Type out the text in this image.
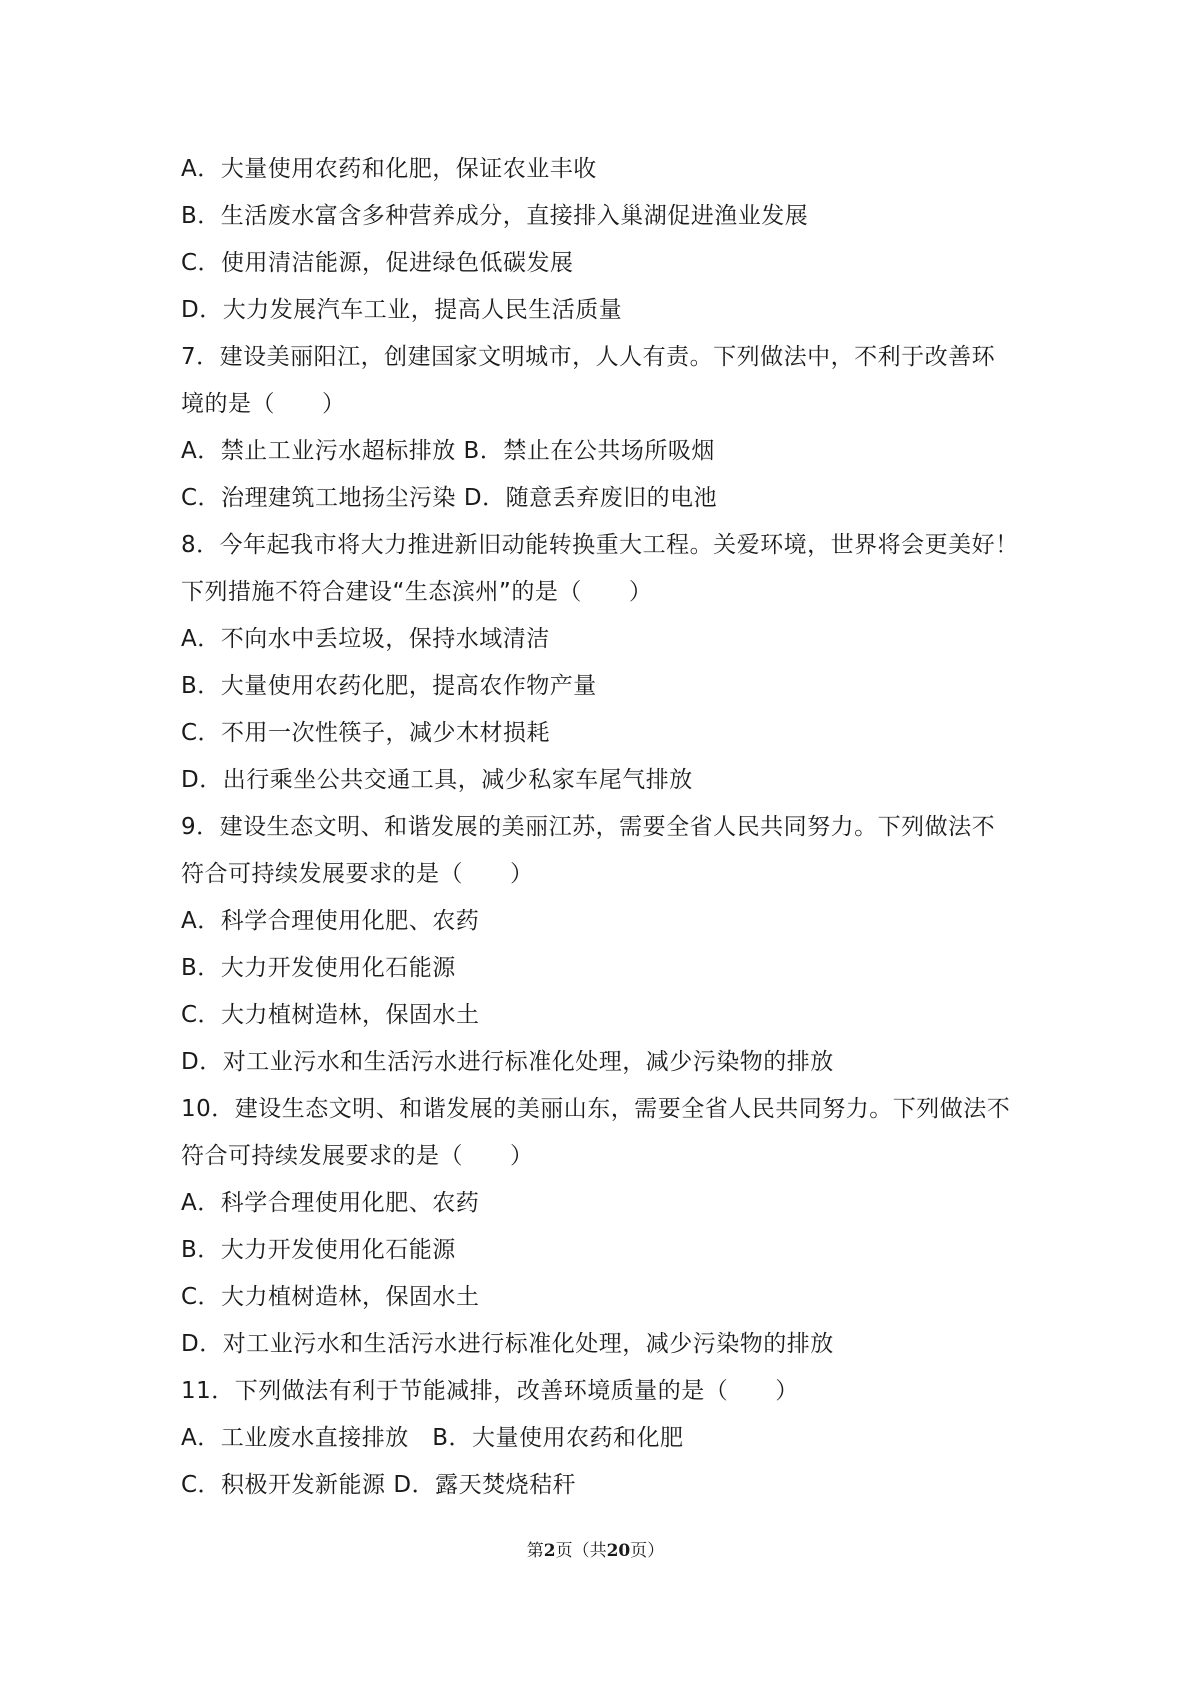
A．大量使用农药和化肥，保证农业丰收
B．生活废水富含多种营养成分，直接排入巢湖促进渔业发展
C．使用清洁能源，促进绿色低碳发展
D．大力发展汽车工业，提高人民生活质量
7．建设美丽阳江，创建国家文明城市，人人有责。下列做法中，不利于改善环
境的是（　　）
A．禁止工业污水超标排放 B．禁止在公共场所吸烟
C．治理建筑工地扬尘污染 D．随意丢弃废旧的电池
8．今年起我市将大力推进新旧动能转换重大工程。关爱环境，世界将会更美好！
下列措施不符合建设“生态滨州”的是（　　）
A．不向水中丢垃圾，保持水域清洁
B．大量使用农药化肥，提高农作物产量
C．不用一次性筷子，减少木材损耗
D．出行乘坐公共交通工具，减少私家车尾气排放
9．建设生态文明、和谐发展的美丽江苏，需要全省人民共同努力。下列做法不
符合可持续发展要求的是（　　）
A．科学合理使用化肥、农药
B．大力开发使用化石能源
C．大力植树造林，保固水土
D．对工业污水和生活污水进行标准化处理，减少污染物的排放
10．建设生态文明、和谐发展的美丽山东，需要全省人民共同努力。下列做法不
符合可持续发展要求的是（　　）
A．科学合理使用化肥、农药
B．大力开发使用化石能源
C．大力植树造林，保固水土
D．对工业污水和生活污水进行标准化处理，减少污染物的排放
11．下列做法有利于节能减排，改善环境质量的是（　　）
A．工业废水直接排放　B．大量使用农药和化肥
C．积极开发新能源 D．露天焚烧秸秆
第2页（共20页）
